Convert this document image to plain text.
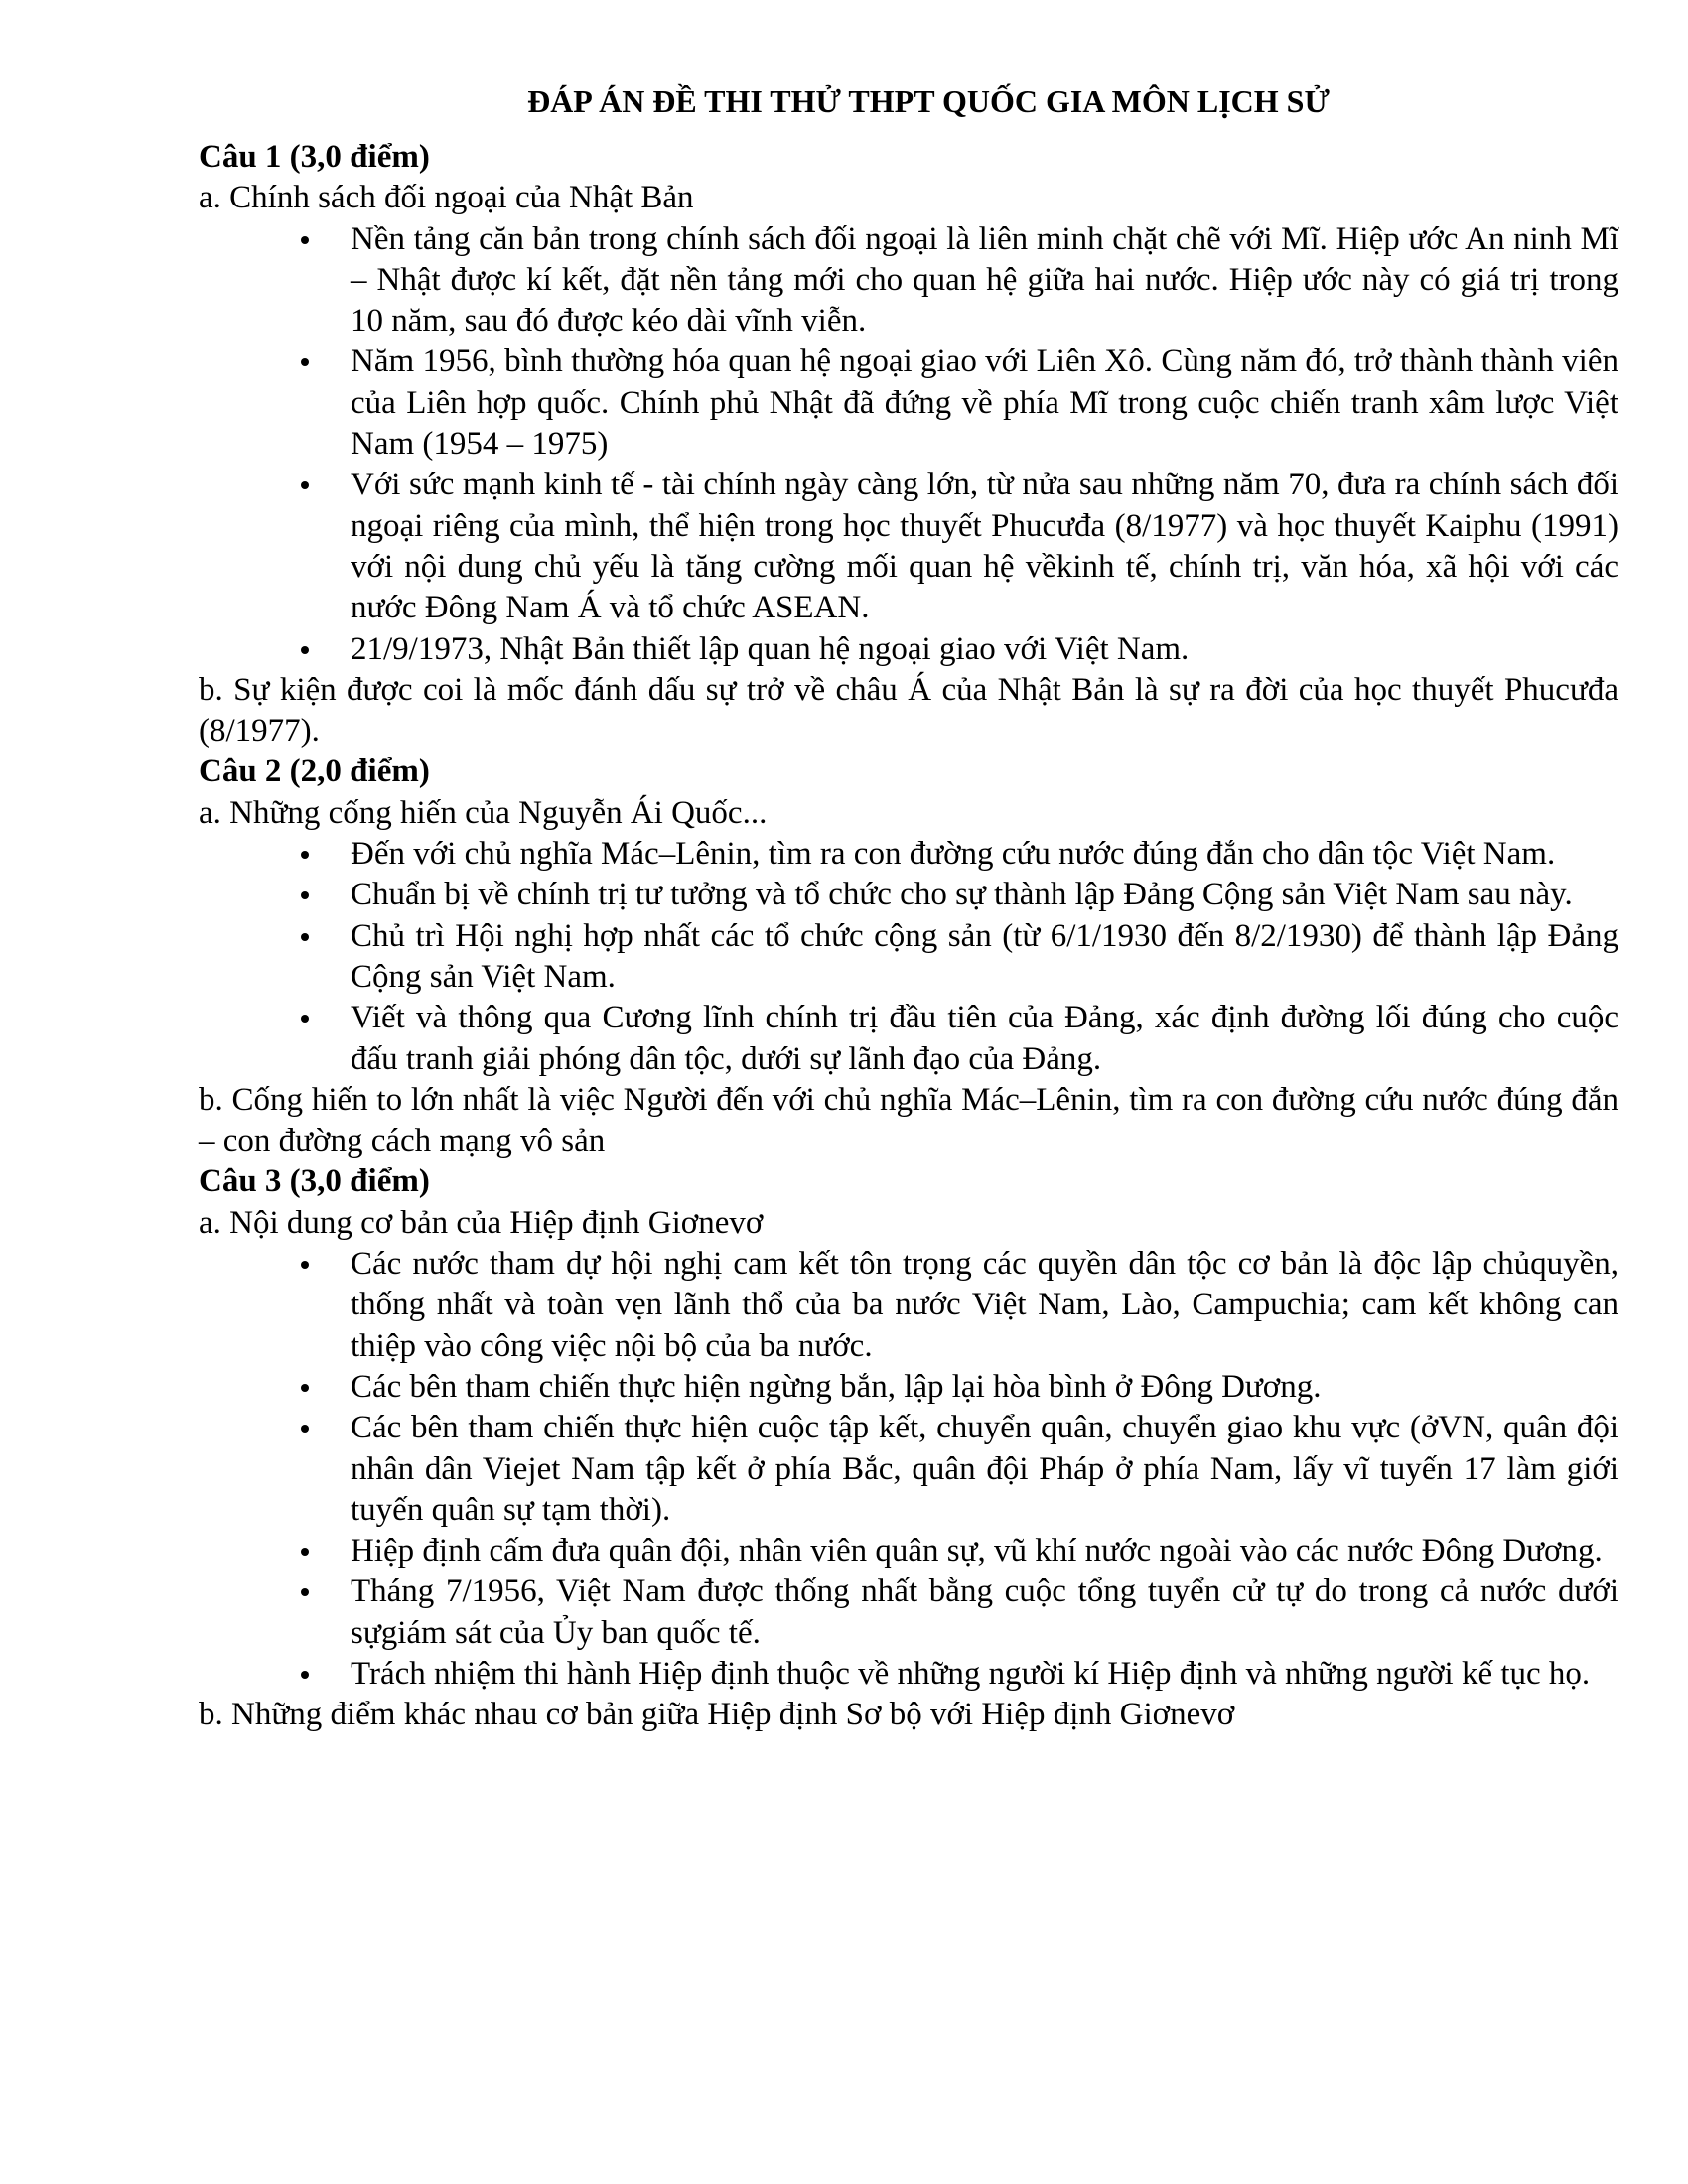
ĐÁP ÁN ĐỀ THI THỬ THPT QUỐC GIA MÔN LỊCH SỬ
Câu 1 (3,0 điểm)
a. Chính sách đối ngoại của Nhật Bản
Nền tảng căn bản trong chính sách đối ngoại là liên minh chặt chẽ với Mĩ. Hiệp ước An ninh Mĩ – Nhật được kí kết, đặt nền tảng mới cho quan hệ giữa hai nước. Hiệp ước này có giá trị trong 10 năm, sau đó được kéo dài vĩnh viễn.
Năm 1956, bình thường hóa quan hệ ngoại giao với Liên Xô. Cùng năm đó, trở thành thành viên của Liên hợp quốc. Chính phủ Nhật đã đứng về phía Mĩ trong cuộc chiến tranh xâm lược Việt Nam (1954 – 1975)
Với sức mạnh kinh tế - tài chính ngày càng lớn, từ nửa sau những năm 70, đưa ra chính sách đối ngoại riêng của mình, thể hiện trong học thuyết Phucưđa (8/1977) và học thuyết Kaiphu (1991) với nội dung chủ yếu là tăng cường mối quan hệ vềkinh tế, chính trị, văn hóa, xã hội với các nước Đông Nam Á và tổ chức ASEAN.
21/9/1973, Nhật Bản thiết lập quan hệ ngoại giao với Việt Nam.
b. Sự kiện được coi là mốc đánh dấu sự trở về châu Á của Nhật Bản là sự ra đời của học thuyết Phucưđa (8/1977).
Câu 2 (2,0 điểm)
a. Những cống hiến của Nguyễn Ái Quốc...
Đến với chủ nghĩa Mác–Lênin, tìm ra con đường cứu nước đúng đắn cho dân tộc Việt Nam.
Chuẩn bị về chính trị tư tưởng và tổ chức cho sự thành lập Đảng Cộng sản Việt Nam sau này.
Chủ trì Hội nghị hợp nhất các tổ chức cộng sản (từ 6/1/1930 đến 8/2/1930) để thành lập Đảng Cộng sản Việt Nam.
Viết và thông qua Cương lĩnh chính trị đầu tiên của Đảng, xác định đường lối đúng cho cuộc đấu tranh giải phóng dân tộc, dưới sự lãnh đạo của Đảng.
b. Cống hiến to lớn nhất là việc Người đến với chủ nghĩa Mác–Lênin, tìm ra con đường cứu nước đúng đắn – con đường cách mạng vô sản
Câu 3 (3,0 điểm)
a. Nội dung cơ bản của Hiệp định Giơnevơ
Các nước tham dự hội nghị cam kết tôn trọng các quyền dân tộc cơ bản là độc lập chủquyền, thống nhất và toàn vẹn lãnh thổ của ba nước Việt Nam, Lào, Campuchia; cam kết không can thiệp vào công việc nội bộ của ba nước.
Các bên tham chiến thực hiện ngừng bắn, lập lại hòa bình ở Đông Dương.
Các bên tham chiến thực hiện cuộc tập kết, chuyển quân, chuyển giao khu vực (ởVN, quân đội nhân dân Viejet Nam tập kết ở phía Bắc, quân đội Pháp ở phía Nam, lấy vĩ tuyến 17 làm giới tuyến quân sự tạm thời).
Hiệp định cấm đưa quân đội, nhân viên quân sự, vũ khí nước ngoài vào các nước Đông Dương.
Tháng 7/1956, Việt Nam được thống nhất bằng cuộc tổng tuyển cử tự do trong cả nước dưới sựgiám sát của Ủy ban quốc tế.
Trách nhiệm thi hành Hiệp định thuộc về những người kí Hiệp định và những người kế tục họ.
b. Những điểm khác nhau cơ bản giữa Hiệp định Sơ bộ với Hiệp định Giơnevơ
